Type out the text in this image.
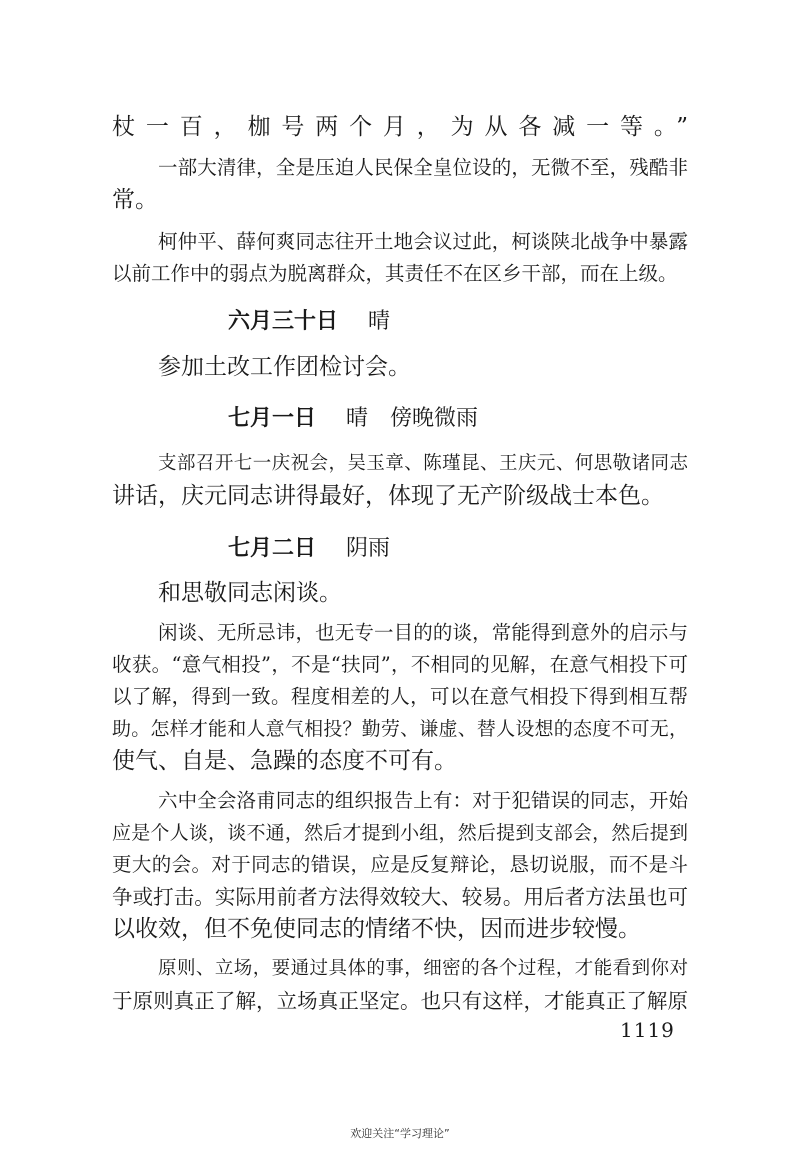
杖一百，枷号两个月，为从各减一等。”
一部大清律，全是压迫人民保全皇位设的，无微不至，残酷非
常。
柯仲平、薛何爽同志往开土地会议过此，柯谈陕北战争中暴露
以前工作中的弱点为脱离群众，其责任不在区乡干部，而在上级。
六月三十日 晴
参加土改工作团检讨会。
七月一日 晴　傍晚微雨
支部召开七一庆祝会，吴玉章、陈瑾昆、王庆元、何思敬诸同志
讲话，庆元同志讲得最好，体现了无产阶级战士本色。
七月二日 阴雨
和思敬同志闲谈。
闲谈、无所忌讳，也无专一目的的谈，常能得到意外的启示与
收获。“意气相投”，不是“扶同”，不相同的见解，在意气相投下可
以了解，得到一致。程度相差的人，可以在意气相投下得到相互帮
助。怎样才能和人意气相投？勤劳、谦虚、替人设想的态度不可无，
使气、自是、急躁的态度不可有。
六中全会洛甫同志的组织报告上有：对于犯错误的同志，开始
应是个人谈，谈不通，然后才提到小组，然后提到支部会，然后提到
更大的会。对于同志的错误，应是反复辩论，恳切说服，而不是斗
争或打击。实际用前者方法得效较大、较易。用后者方法虽也可
以收效，但不免使同志的情绪不快，因而进步较慢。
原则、立场，要通过具体的事，细密的各个过程，才能看到你对
于原则真正了解，立场真正坚定。也只有这样，才能真正了解原
1119
欢迎关注“学习理论”
